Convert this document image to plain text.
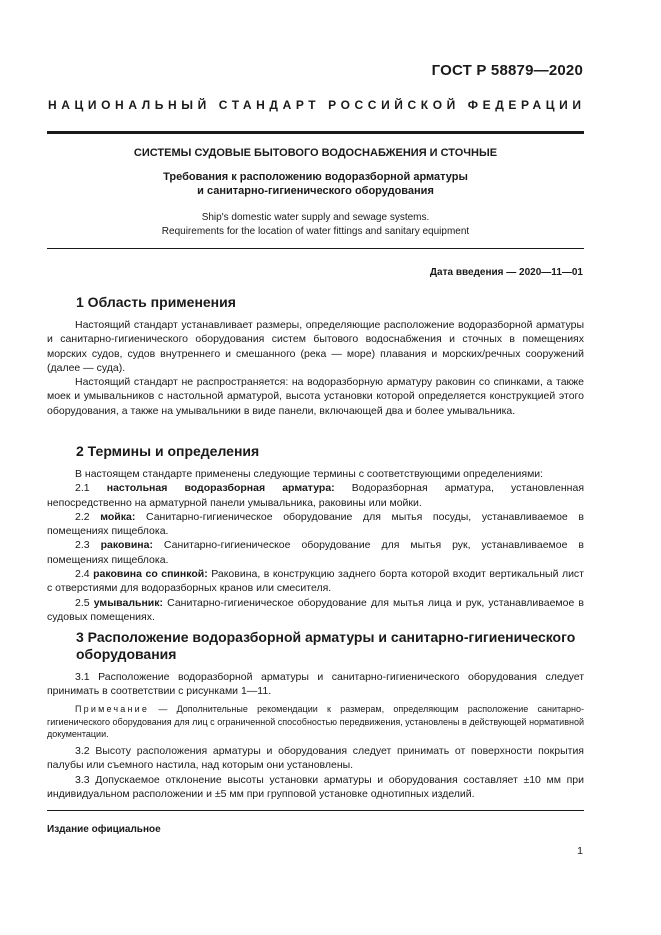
ГОСТ Р 58879—2020
НАЦИОНАЛЬНЫЙ СТАНДАРТ РОССИЙСКОЙ ФЕДЕРАЦИИ
СИСТЕМЫ СУДОВЫЕ БЫТОВОГО ВОДОСНАБЖЕНИЯ И СТОЧНЫЕ
Требования к расположению водоразборной арматуры
и санитарно-гигиенического оборудования
Ship's domestic water supply and sewage systems.
Requirements for the location of water fittings and sanitary equipment
Дата введения — 2020—11—01
1 Область применения

Настоящий стандарт устанавливает размеры, определяющие расположение водоразборной арматуры и санитарно-гигиенического оборудования систем бытового водоснабжения и сточных в помещениях морских судов, судов внутреннего и смешанного (река — море) плавания и морских/речных сооружений (далее — суда).

Настоящий стандарт не распространяется: на водоразборную арматуру раковин со спинками, а также моек и умывальников с настольной арматурой, высота установки которой определяется конструкцией этого оборудования, а также на умывальники в виде панели, включающей два и более умывальника.

2 Термины и определения

В настоящем стандарте применены следующие термины с соответствующими определениями:

2.1 настольная водоразборная арматура: Водоразборная арматура, установленная непосредственно на арматурной панели умывальника, раковины или мойки.

2.2 мойка: Санитарно-гигиеническое оборудование для мытья посуды, устанавливаемое в помещениях пищеблока.

2.3 раковина: Санитарно-гигиеническое оборудование для мытья рук, устанавливаемое в помещениях пищеблока.

2.4 раковина со спинкой: Раковина, в конструкцию заднего борта которой входит вертикальный лист с отверстиями для водоразборных кранов или смесителя.

2.5 умывальник: Санитарно-гигиеническое оборудование для мытья лица и рук, устанавливаемое в судовых помещениях.

3 Расположение водоразборной арматуры и санитарно-гигиенического оборудования

3.1 Расположение водоразборной арматуры и санитарно-гигиенического оборудования следует принимать в соответствии с рисунками 1—11.

Примечание — Дополнительные рекомендации к размерам, определяющим расположение санитарно-гигиенического оборудования для лиц с ограниченной способностью передвижения, установлены в действующей нормативной документации.

3.2 Высоту расположения арматуры и оборудования следует принимать от поверхности покрытия палубы или съемного настила, над которым они установлены.

3.3 Допускаемое отклонение высоты установки арматуры и оборудования составляет ±10 мм при индивидуальном расположении и ±5 мм при групповой установке однотипных изделий.

Издание официальное
1
